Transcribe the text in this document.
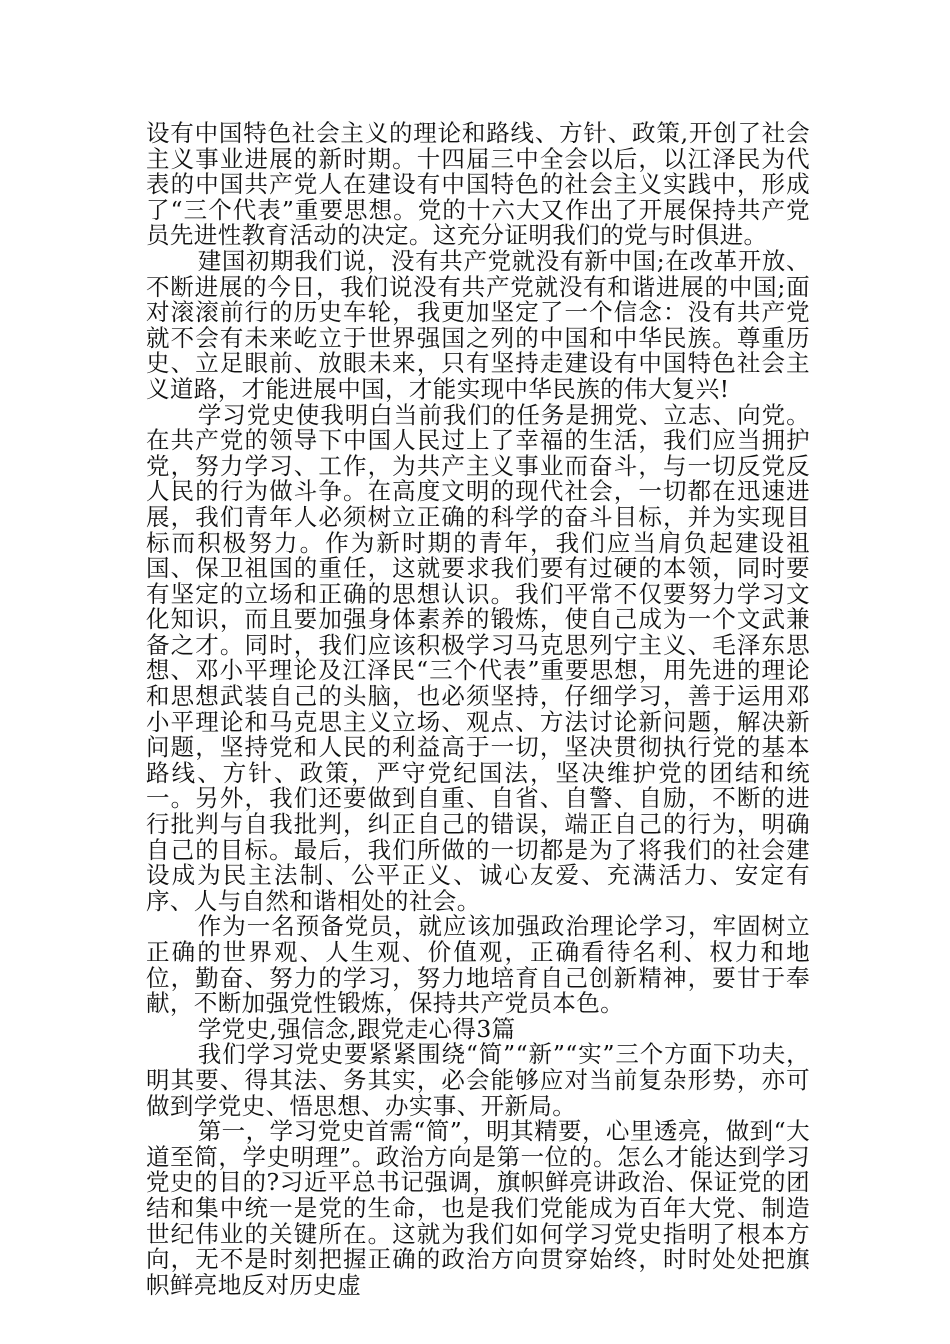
设有中国特色社会主义的理论和路线、方针、政策,开创了社会主义事业进展的新时期。十四届三中全会以后，以江泽民为代表的中国共产党人在建设有中国特色的社会主义实践中，形成了“三个代表”重要思想。党的十六大又作出了开展保持共产党员先进性教育活动的决定。这充分证明我们的党与时俱进。

建国初期我们说，没有共产党就没有新中国;在改革开放、不断进展的今日，我们说没有共产党就没有和谐进展的中国;面对滚滚前行的历史车轮，我更加坚定了一个信念：没有共产党就不会有未来屹立于世界强国之列的中国和中华民族。尊重历史、立足眼前、放眼未来，只有坚持走建设有中国特色社会主义道路，才能进展中国，才能实现中华民族的伟大复兴!

学习党史使我明白当前我们的任务是拥党、立志、向党。在共产党的领导下中国人民过上了幸福的生活，我们应当拥护党，努力学习、工作，为共产主义事业而奋斗，与一切反党反人民的行为做斗争。在高度文明的现代社会，一切都在迅速进展，我们青年人必须树立正确的科学的奋斗目标，并为实现目标而积极努力。作为新时期的青年，我们应当肩负起建设祖国、保卫祖国的重任，这就要求我们要有过硬的本领，同时要有坚定的立场和正确的思想认识。我们平常不仅要努力学习文化知识，而且要加强身体素养的锻炼，使自己成为一个文武兼备之才。同时，我们应该积极学习马克思列宁主义、毛泽东思想、邓小平理论及江泽民“三个代表”重要思想，用先进的理论和思想武装自己的头脑，也必须坚持，仔细学习，善于运用邓小平理论和马克思主义立场、观点、方法讨论新问题，解决新问题，坚持党和人民的利益高于一切，坚决贯彻执行党的基本路线、方针、政策，严守党纪国法，坚决维护党的团结和统一。另外，我们还要做到自重、自省、自警、自励，不断的进行批判与自我批判，纠正自己的错误，端正自己的行为，明确自己的目标。最后，我们所做的一切都是为了将我们的社会建设成为民主法制、公平正义、诚心友爱、充满活力、安定有序、人与自然和谐相处的社会。

作为一名预备党员，就应该加强政治理论学习，牢固树立正确的世界观、人生观、价值观，正确看待名利、权力和地位，勤奋、努力的学习，努力地培育自己创新精神，要甘于奉献，不断加强党性锻炼，保持共产党员本色。

学党史,强信念,跟党走心得3篇

我们学习党史要紧紧围绕“简”“新”“实”三个方面下功夫，明其要、得其法、务其实，必会能够应对当前复杂形势，亦可做到学党史、悟思想、办实事、开新局。

第一，学习党史首需“简”，明其精要，心里透亮，做到“大道至简，学史明理”。政治方向是第一位的。怎么才能达到学习党史的目的?习近平总书记强调，旗帜鲜亮讲政治、保证党的团结和集中统一是党的生命，也是我们党能成为百年大党、制造世纪伟业的关键所在。这就为我们如何学习党史指明了根本方向，无不是时刻把握正确的政治方向贯穿始终，时时处处把旗帜鲜亮地反对历史虚
